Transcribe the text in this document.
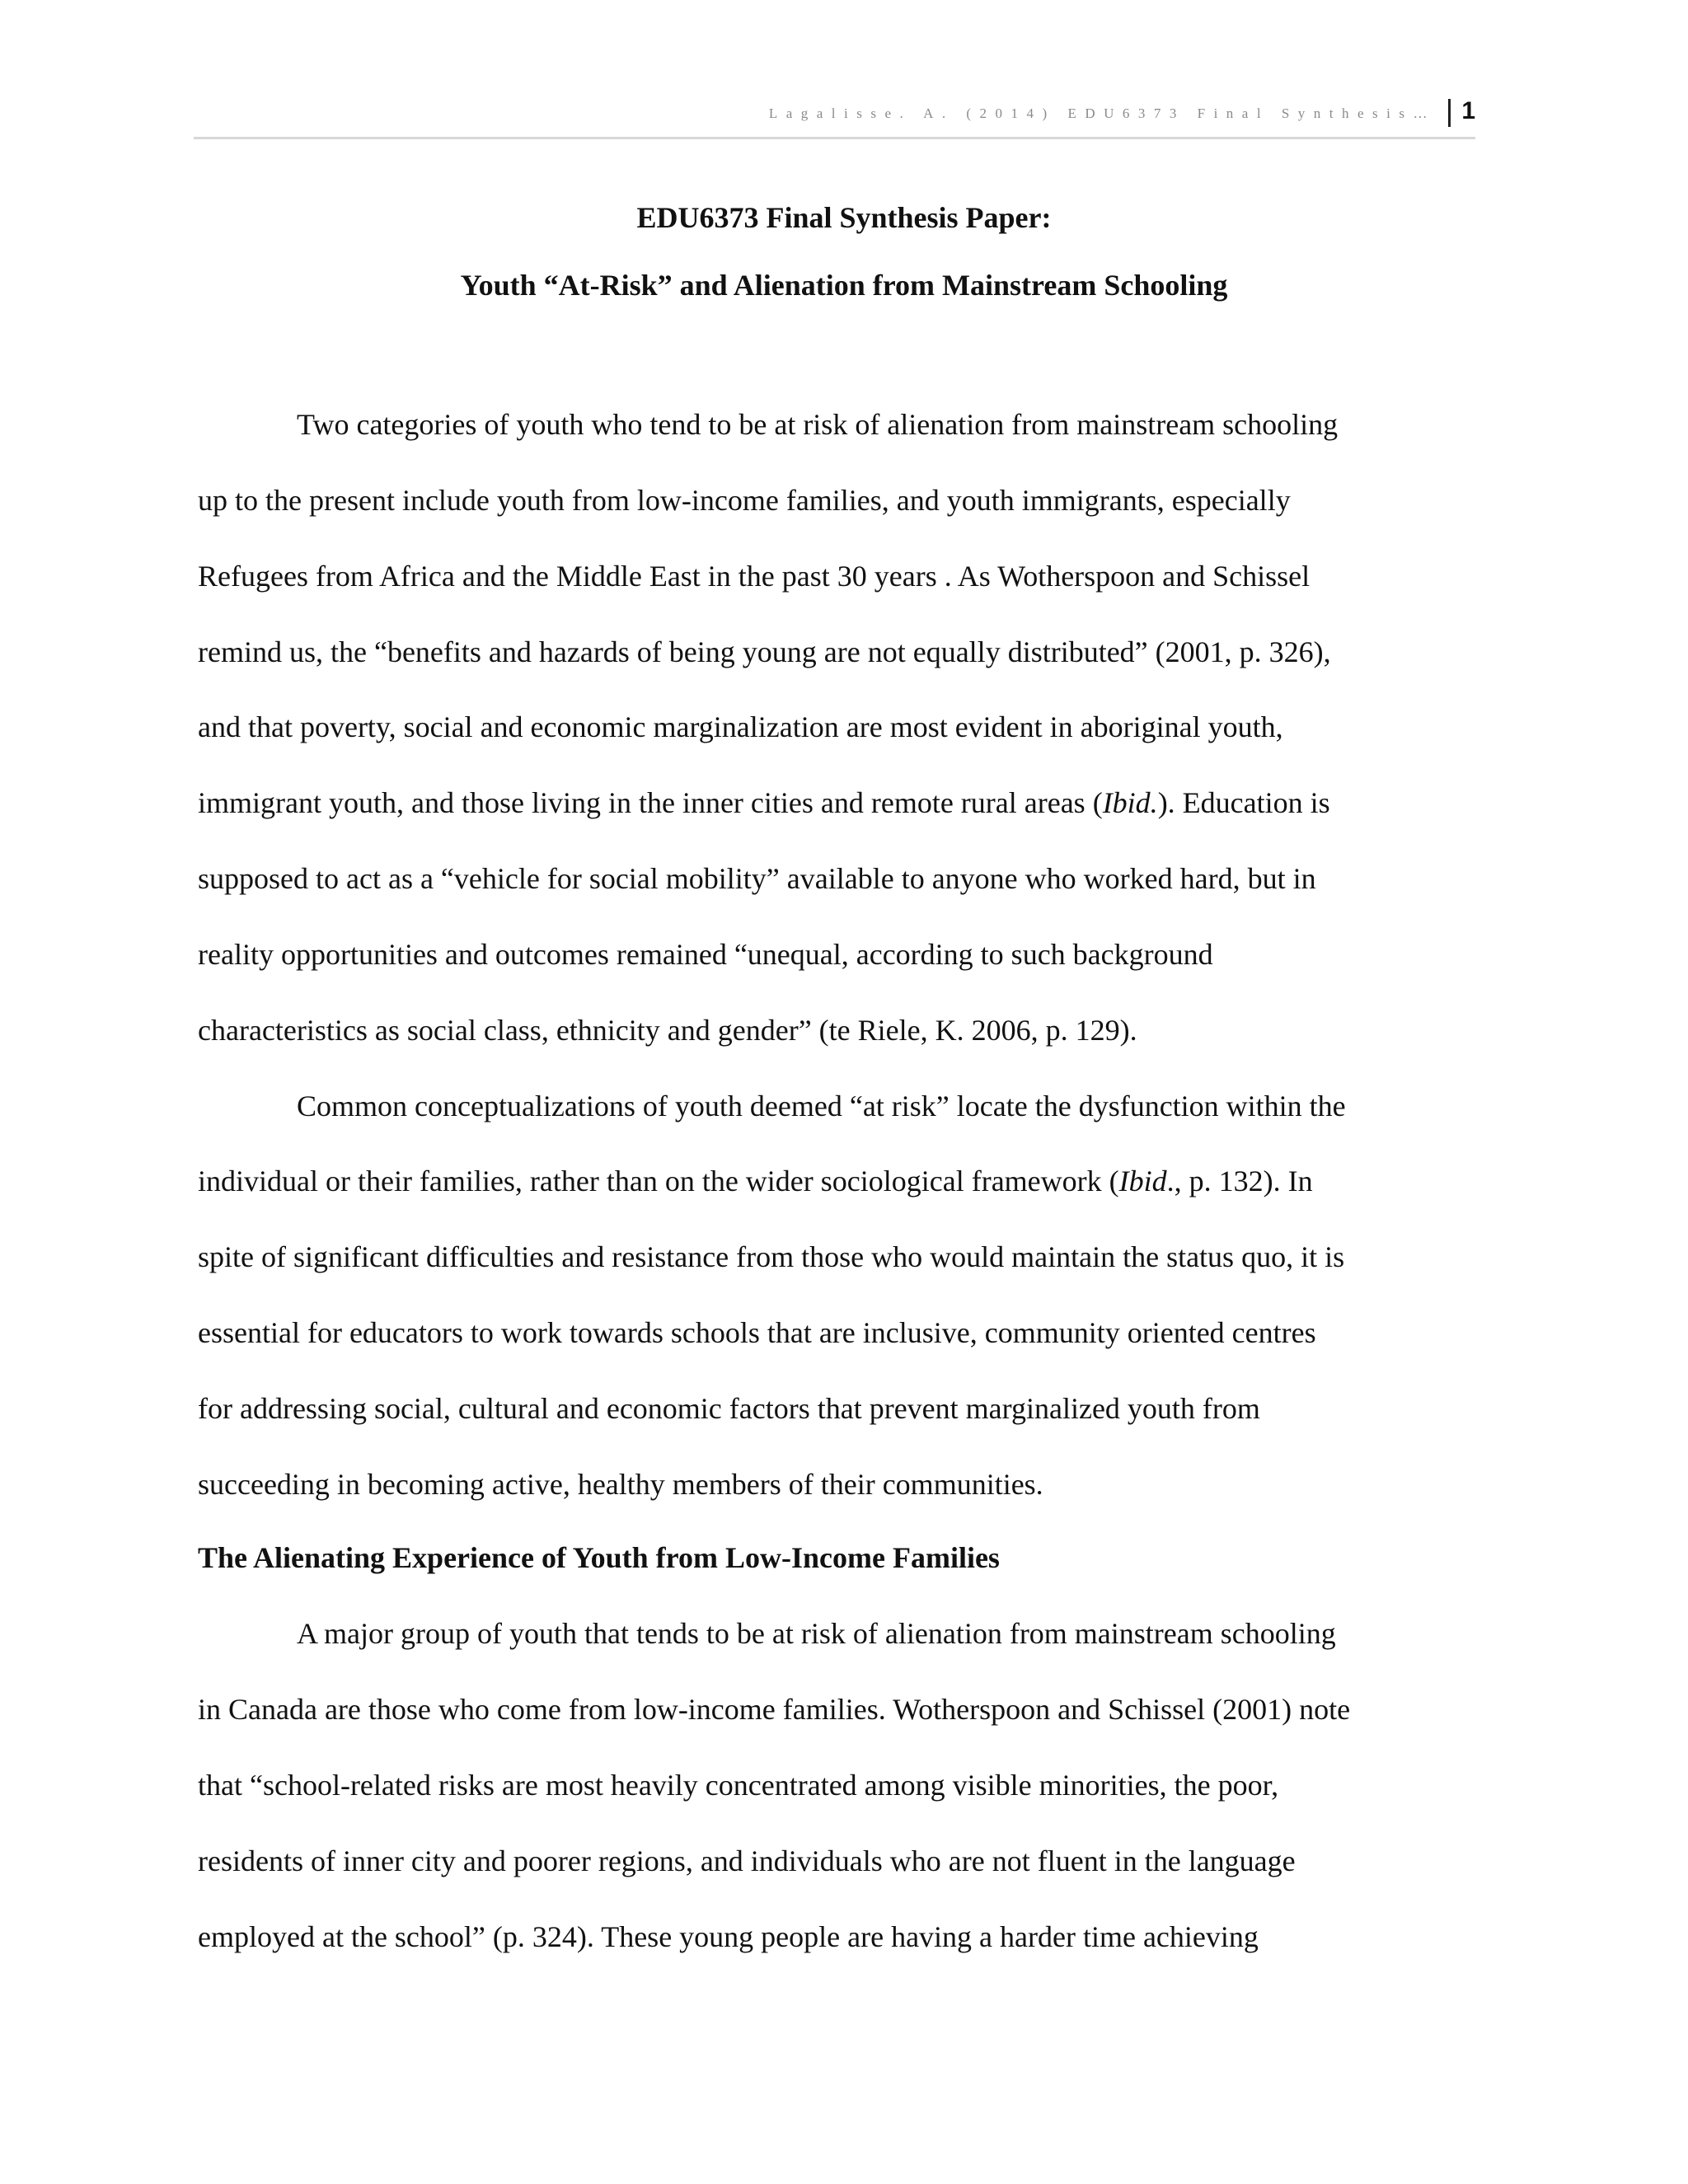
Lagalisse. A. (2014) EDU6373 Final Synthesis… 1
EDU6373 Final Synthesis Paper:
Youth “At-Risk” and Alienation from Mainstream Schooling
Two categories of youth who tend to be at risk of alienation from mainstream schooling
up to the present include youth from low-income families, and youth immigrants, especially
Refugees from Africa and the Middle East in the past 30 years . As Wotherspoon and Schissel
remind us, the “benefits and hazards of being young are not equally distributed” (2001, p. 326),
and that poverty, social and economic marginalization are most evident in aboriginal youth,
immigrant youth, and those living in the inner cities and remote rural areas (Ibid.). Education is
supposed to act as a “vehicle for social mobility” available to anyone who worked hard, but in
reality opportunities and outcomes remained “unequal, according to such background
characteristics as social class, ethnicity and gender” (te Riele, K. 2006, p. 129).
Common conceptualizations of youth deemed “at risk” locate the dysfunction within the
individual or their families, rather than on the wider sociological framework (Ibid., p. 132). In
spite of significant difficulties and resistance from those who would maintain the status quo, it is
essential for educators to work towards schools that are inclusive, community oriented centres
for addressing social, cultural and economic factors that prevent marginalized youth from
succeeding in becoming active, healthy members of their communities.
The Alienating Experience of Youth from Low-Income Families
A major group of youth that tends to be at risk of alienation from mainstream schooling
in Canada are those who come from low-income families. Wotherspoon and Schissel (2001) note
that “school-related risks are most heavily concentrated among visible minorities, the poor,
residents of inner city and poorer regions, and individuals who are not fluent in the language
employed at the school” (p. 324). These young people are having a harder time achieving
